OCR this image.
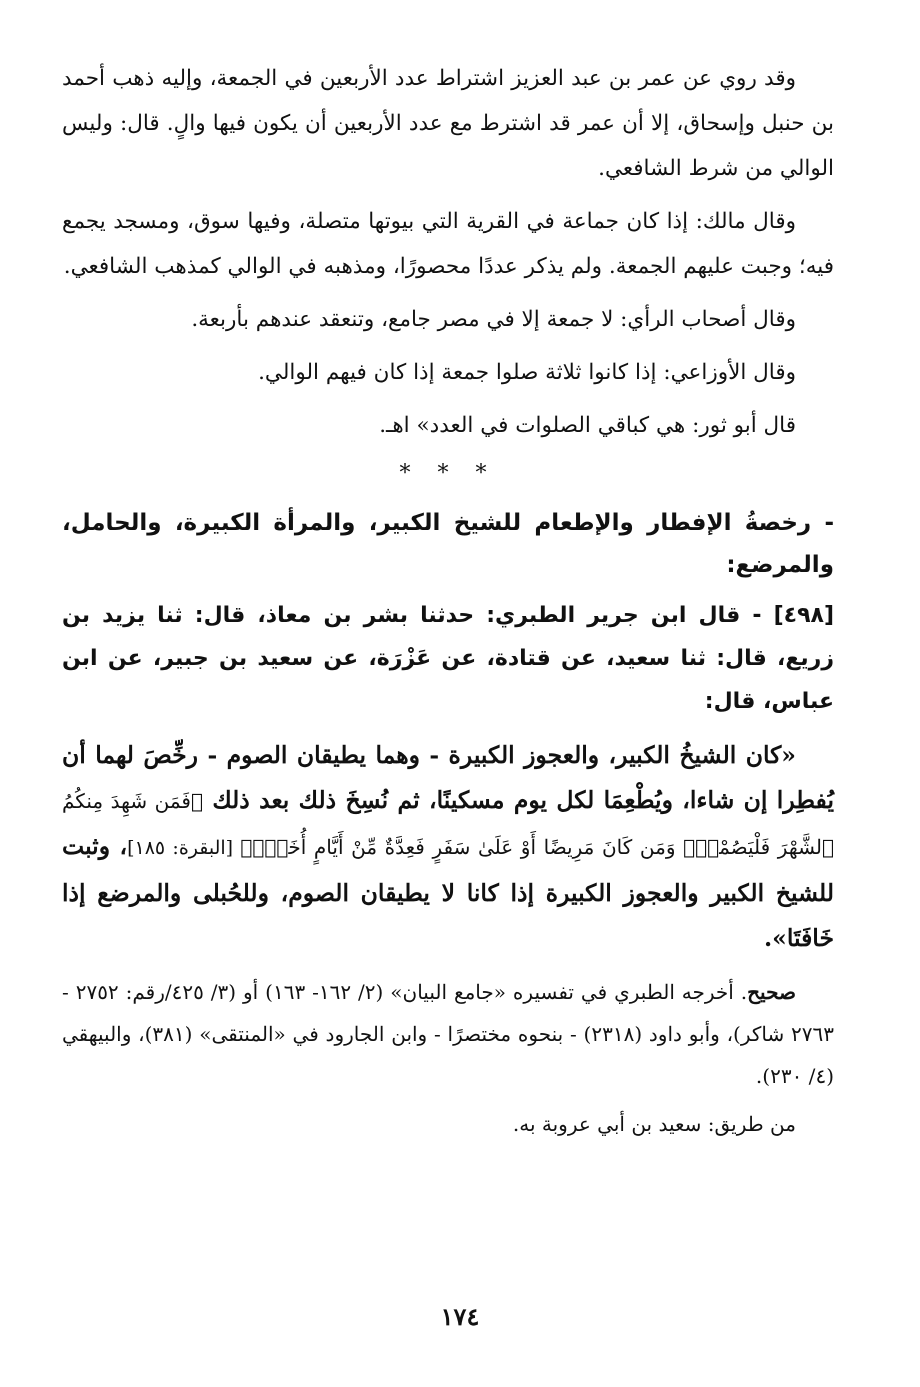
وقد روي عن عمر بن عبد العزيز اشتراط عدد الأربعين في الجمعة، وإليه ذهب أحمد بن حنبل وإسحاق، إلا أن عمر قد اشترط مع عدد الأربعين أن يكون فيها والٍ. قال: وليس الوالي من شرط الشافعي.

وقال مالك: إذا كان جماعة في القرية التي بيوتها متصلة، وفيها سوق، ومسجد يجمع فيه؛ وجبت عليهم الجمعة. ولم يذكر عددًا محصورًا، ومذهبه في الوالي كمذهب الشافعي.

وقال أصحاب الرأي: لا جمعة إلا في مصر جامع، وتنعقد عندهم بأربعة.

وقال الأوزاعي: إذا كانوا ثلاثة صلوا جمعة إذا كان فيهم الوالي.

قال أبو ثور: هي كباقي الصلوات في العدد» اهـ.

* * *

- رخصةُ الإفطار والإطعام للشيخ الكبير، والمرأة الكبيرة، والحامل، والمرضع:

[٤٩٨] - قال ابن جرير الطبري: حدثنا بشر بن معاذ، قال: ثنا يزيد بن زريع، قال: ثنا سعيد، عن قتادة، عن عَزْرَة، عن سعيد بن جبير، عن ابن عباس، قال:

«كان الشيخُ الكبير، والعجوز الكبيرة - وهما يطيقان الصوم - رخِّصَ لهما أن يُفطِرا إن شاءا، ويُطْعِمَا لكل يوم مسكينًا، ثم نُسِخَ ذلك بعد ذلك ﴿فَمَن شَهِدَ مِنكُمُ ٱلشَّهْرَ فَلْيَصُمْهُۖ وَمَن كَانَ مَرِيضًا أَوْ عَلَىٰ سَفَرٍ فَعِدَّةٌ مِّنْ أَيَّامٍ أُخَرَۗ﴾ [البقرة: ١٨٥]، وثبت للشيخ الكبير والعجوز الكبيرة إذا كانا لا يطيقان الصوم، وللحُبلى والمرضع إذا خَافَتَا».

صحيح. أخرجه الطبري في تفسيره «جامع البيان» (٢/ ١٦٢- ١٦٣) أو (٣/ ٤٢٥/رقم: ٢٧٥٢ - ٢٧٦٣ شاكر)، وأبو داود (٢٣١٨) - بنحوه مختصرًا - وابن الجارود في «المنتقى» (٣٨١)، والبيهقي (٤/ ٢٣٠).

من طريق: سعيد بن أبي عروبة به.

١٧٤
